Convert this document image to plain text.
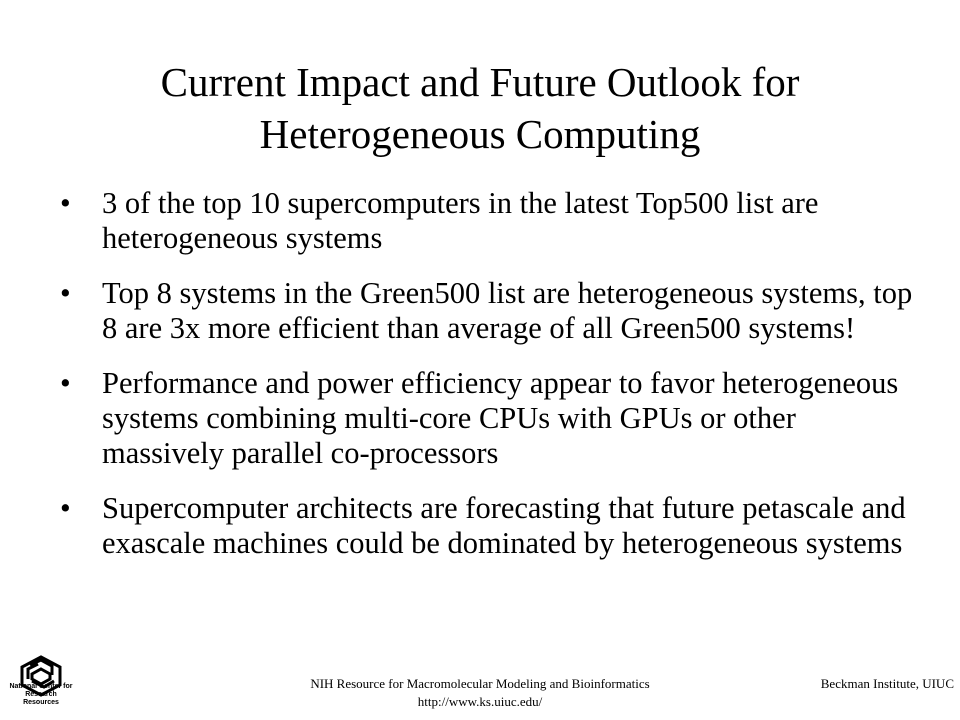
Current Impact and Future Outlook for Heterogeneous Computing
•	3 of the top 10 supercomputers in the latest Top500 list are heterogeneous systems
•	Top 8 systems in the Green500 list are heterogeneous systems, top 8 are 3x more efficient than average of all Green500 systems!
•	Performance and power efficiency appear to favor heterogeneous systems combining multi-core CPUs with GPUs or other massively parallel co-processors
•	Supercomputer architects are forecasting that future petascale and exascale machines could be dominated by heterogeneous systems
National Center for Research Resources
NIH Resource for Macromolecular Modeling and Bioinformatics
http://www.ks.uiuc.edu/
Beckman Institute, UIUC
